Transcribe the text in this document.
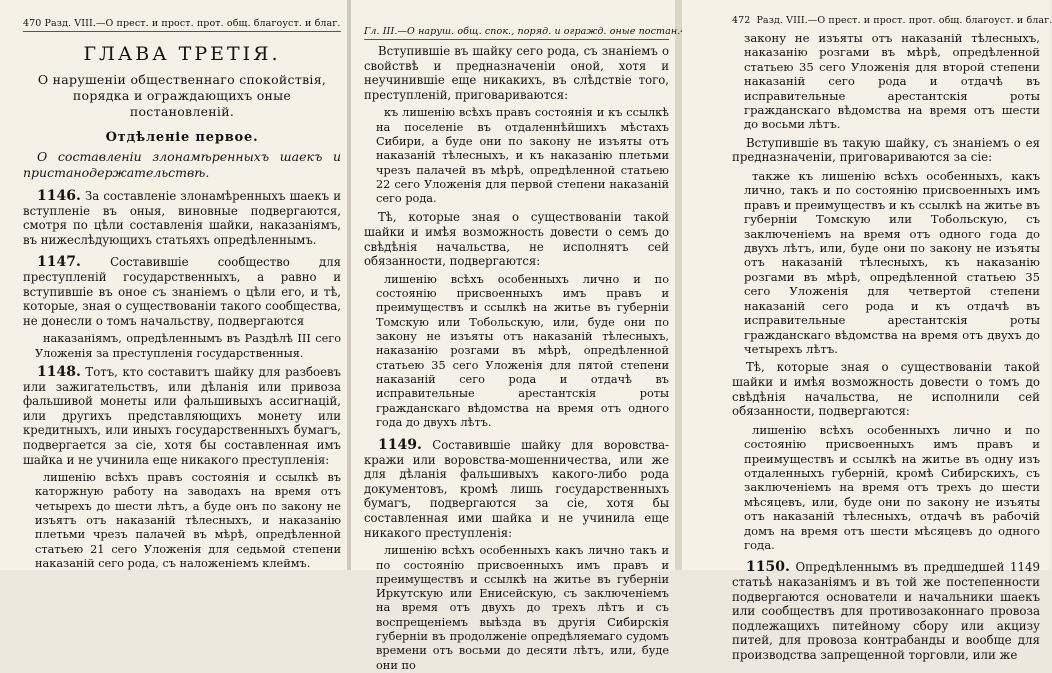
470 Разд. VIII.—О прест. и прост. прот. общ. благоуст. и благ.
ГЛАВА ТРЕТІЯ.
О нарушеніи общественнаго спокойствія, порядка и ограждающихъ оные постановленій.
Отдѣленіе первое.
О составленіи злонамѣренныхъ шаекъ и пристанодержательствѣ.

1146. За составленіе злонамѣренныхъ шаекъ и вступленіе въ оныя, виновные подвергаются, смотря по цѣли составленія шайки, наказаніямъ, въ нижеслѣдующихъ статьяхъ опредѣленнымъ.

1147. Составившіе сообщество для преступленій государственныхъ, а равно и вступившіе въ оное съ знаніемъ о цѣли его, и тѣ, которые, зная о существованіи такого сообщества, не донесли о томъ начальству, подвергаются

наказаніямъ, опредѣленнымъ въ Раздѣлѣ III сего Уложенія за преступленія государственныя.

1148. Тотъ, кто составитъ шайку для разбоевъ или зажигательствъ, или дѣланія или привоза фальшивой монеты или фальшивыхъ ассигнацій, или другихъ представляющихъ монету или кредитныхъ, или иныхъ государственныхъ бумагъ, подвергается за сіе, хотя бы составленная имъ шайка и не учинила еще никакого преступленія:

лишенію всѣхъ правъ состоянія и ссылкѣ въ каторжную работу на заводахъ на время отъ четырехъ до шести лѣтъ, а буде онъ по закону не изъятъ отъ наказаній тѣлесныхъ, и наказанію плетьми чрезъ палачей въ мѣрѣ, опредѣленной статьею 21 сего Уложенія для седьмой степени наказаній сего рода, съ наложеніемъ клеймъ.

Гл. III.—О наруш. общ. спок., поряд. и огражд. оные постан.

Вступившіе въ шайку сего рода, съ знаніемъ о свойствѣ и предназначеніи оной, хотя и неучинившіе еще никакихъ, въ слѣдствіе того, преступленій, приговариваются:

къ лишенію всѣхъ правъ состоянія и къ ссылкѣ на поселеніе въ отдаленнѣйшихъ мѣстахъ Сибири, а буде они по закону не изъяты отъ наказаній тѣлесныхъ, и къ наказанію плетьми чрезъ палачей въ мѣрѣ, опредѣленной статьею 22 сего Уложенія для первой степени наказаній сего рода.

Тѣ, которые зная о существованіи такой шайки и имѣя возможность довести о семъ до свѣдѣнія начальства, не исполнятъ сей обязанности, подвергаются:

лишенію всѣхъ особенныхъ лично и по состоянію присвоенныхъ имъ правъ и преимуществъ и ссылкѣ на житье въ губерніи Томскую или Тобольскую, или, буде они по закону не изъяты отъ наказаній тѣлесныхъ, наказанію розгами въ мѣрѣ, опредѣленной статьею 35 сего Уложенія для пятой степени наказаній сего рода и отдачѣ въ исправительные арестантскія роты гражданскаго вѣдомства на время отъ одного года до двухъ лѣтъ.

1149. Составившіе шайку для воровства-кражи или воровства-мошенничества, или же для дѣланія фальшивыхъ какого-либо рода документовъ, кромѣ лишь государственныхъ бумагъ, подвергаются за сіе, хотя бы составленная ими шайка и не учинила еще никакого преступленія:

лишенію всѣхъ особенныхъ какъ лично такъ и по состоянію присвоенныхъ имъ правъ и преимуществъ и ссылкѣ на житье въ губерніи Иркутскую или Енисейскую, съ заключеніемъ на время отъ двухъ до трехъ лѣтъ и съ воспрещеніемъ выѣзда въ другія Сибирскія губерніи въ продолженіе опредѣляемаго судомъ времени отъ восьми до десяти лѣтъ, или, буде они по

472 Разд. VIII.—О прест. и прост. прот. общ. благоуст. и благ.

закону не изъяты отъ наказаній тѣлесныхъ, наказанію розгами въ мѣрѣ, опредѣленной статьею 35 сего Уложенія для второй степени наказаній сего рода и отдачѣ въ исправительные арестантскія роты гражданскаго вѣдомства на время отъ шести до восьми лѣтъ.

Вступившіе въ такую шайку, съ знаніемъ о ея предназначеніи, приговариваются за сіе:

также къ лишенію всѣхъ особенныхъ, какъ лично, такъ и по состоянію присвоенныхъ имъ правъ и преимуществъ и къ ссылкѣ на житье въ губерніи Томскую или Тобольскую, съ заключеніемъ на время отъ одного года до двухъ лѣтъ, или, буде они по закону не изъяты отъ наказаній тѣлесныхъ, къ наказанію розгами въ мѣрѣ, опредѣленной статьею 35 сего Уложенія для четвертой степени наказаній сего рода и къ отдачѣ въ исправительные арестантскія роты гражданскаго вѣдомства на время отъ двухъ до четырехъ лѣтъ.

Тѣ, которые зная о существованіи такой шайки и имѣя возможность довести о томъ до свѣдѣнія начальства, не исполнили сей обязанности, подвергаются:

лишенію всѣхъ особенныхъ лично и по состоянію присвоенныхъ имъ правъ и преимуществъ и ссылкѣ на житье въ одну изъ отдаленныхъ губерній, кромѣ Сибирскихъ, съ заключеніемъ на время отъ трехъ до шести мѣсяцевъ, или, буде они по закону не изъяты отъ наказаній тѣлесныхъ, отдачѣ въ рабочій домъ на время отъ шести мѣсяцевъ до одного года.

1150. Опредѣленнымъ въ предшедшей 1149 статьѣ наказаніямъ и въ той же постепенности подвергаются основатели и начальники шаекъ или сообществъ для противозаконнаго провоза подлежащихъ питейному сбору или акцизу питей, для провоза контрабанды и вообще для производства запрещенной торговли, или же
